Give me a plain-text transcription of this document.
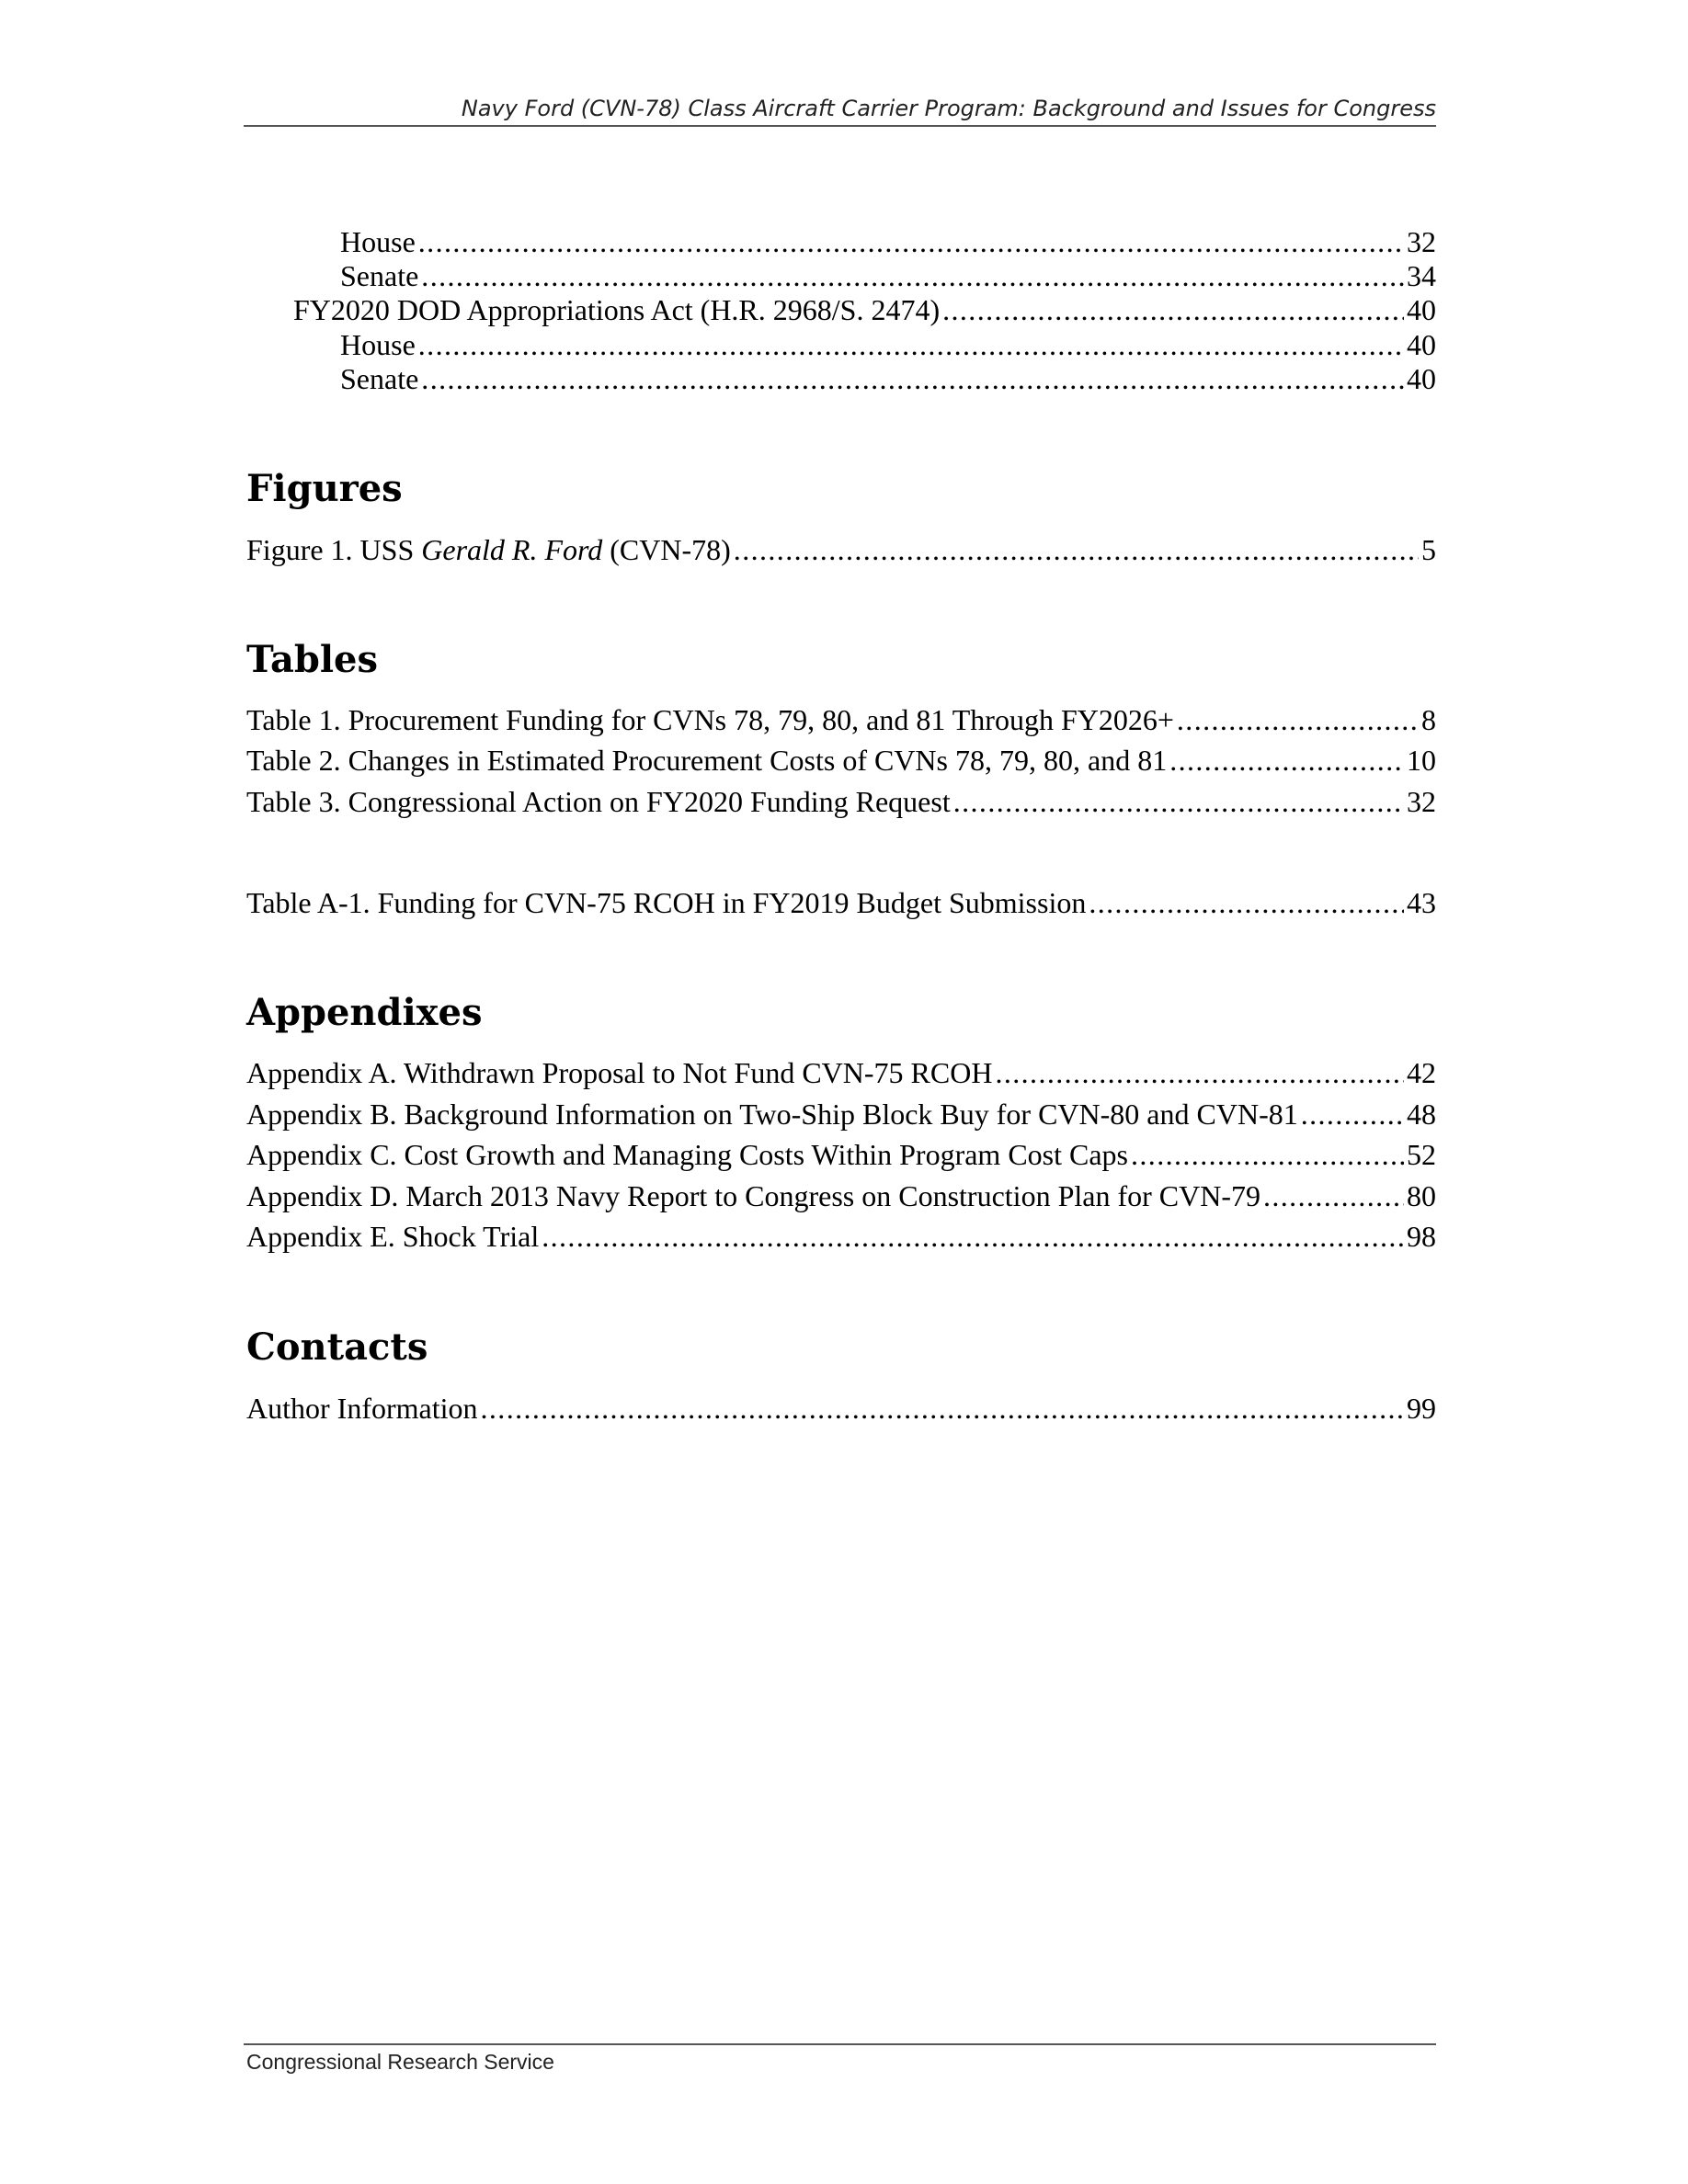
Navy Ford (CVN-78) Class Aircraft Carrier Program: Background and Issues for Congress
House . . .	32
Senate . . .	34
FY2020 DOD Appropriations Act (H.R. 2968/S. 2474) . . .	40
House . . .	40
Senate . . .	40
Figures
Figure 1. USS Gerald R. Ford (CVN-78) . . .	5
Tables
Table 1. Procurement Funding for CVNs 78, 79, 80, and 81 Through FY2026+ . . .	8
Table 2. Changes in Estimated Procurement Costs of CVNs 78, 79, 80, and 81 . . .	10
Table 3. Congressional Action on FY2020 Funding Request . . .	32
Table A-1. Funding for CVN-75 RCOH in FY2019 Budget Submission . . .	43
Appendixes
Appendix A. Withdrawn Proposal to Not Fund CVN-75 RCOH . . .	42
Appendix B. Background Information on Two-Ship Block Buy for CVN-80 and CVN-81 . . .	48
Appendix C. Cost Growth and Managing Costs Within Program Cost Caps . . .	52
Appendix D. March 2013 Navy Report to Congress on Construction Plan for CVN-79 . . .	80
Appendix E. Shock Trial . . .	98
Contacts
Author Information . . .	99
Congressional Research Service
